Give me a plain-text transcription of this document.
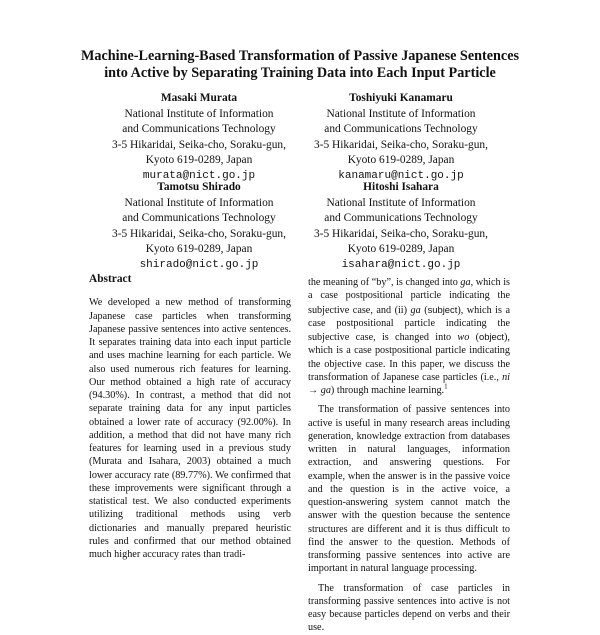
Machine-Learning-Based Transformation of Passive Japanese Sentences
into Active by Separating Training Data into Each Input Particle
Masaki Murata
National Institute of Information
and Communications Technology
3-5 Hikaridai, Seika-cho, Soraku-gun,
Kyoto 619-0289, Japan
murata@nict.go.jp
Toshiyuki Kanamaru
National Institute of Information
and Communications Technology
3-5 Hikaridai, Seika-cho, Soraku-gun,
Kyoto 619-0289, Japan
kanamaru@nict.go.jp
Tamotsu Shirado
National Institute of Information
and Communications Technology
3-5 Hikaridai, Seika-cho, Soraku-gun,
Kyoto 619-0289, Japan
shirado@nict.go.jp
Hitoshi Isahara
National Institute of Information
and Communications Technology
3-5 Hikaridai, Seika-cho, Soraku-gun,
Kyoto 619-0289, Japan
isahara@nict.go.jp

Abstract

We developed a new method of transforming Japanese case particles when transforming Japanese passive sentences into active sentences. It separates training data into each input particle and uses machine learning for each particle. We also used numerous rich features for learning. Our method obtained a high rate of accuracy (94.30%). In contrast, a method that did not separate training data for any input particles obtained a lower rate of accuracy (92.00%). In addition, a method that did not have many rich features for learning used in a previous study (Murata and Isahara, 2003) obtained a much lower accuracy rate (89.77%). We confirmed that these improvements were significant through a statistical test. We also conducted experiments utilizing traditional methods using verb dictionaries and manually prepared heuristic rules and confirmed that our method obtained much higher accuracy rates than tradi-

the meaning of “by”, is changed into ga, which is a case postpositional particle indicating the subjective case, and (ii) ga (subject), which is a case postpositional particle indicating the subjective case, is changed into wo (object), which is a case postpositional particle indicating the objective case. In this paper, we discuss the transformation of Japanese case particles (i.e., ni → ga) through machine learning.$^1$

The transformation of passive sentences into active is useful in many research areas including generation, knowledge extraction from databases written in natural languages, information extraction, and answering questions. For example, when the answer is in the passive voice and the question is in the active voice, a question-answering system cannot match the answer with the question because the sentence structures are different and it is thus difficult to find the answer to the question. Methods of transforming passive sentences into active are important in natural language processing.

The transformation of case particles in transforming passive sentences into active is not easy because particles depend on verbs and their use.
